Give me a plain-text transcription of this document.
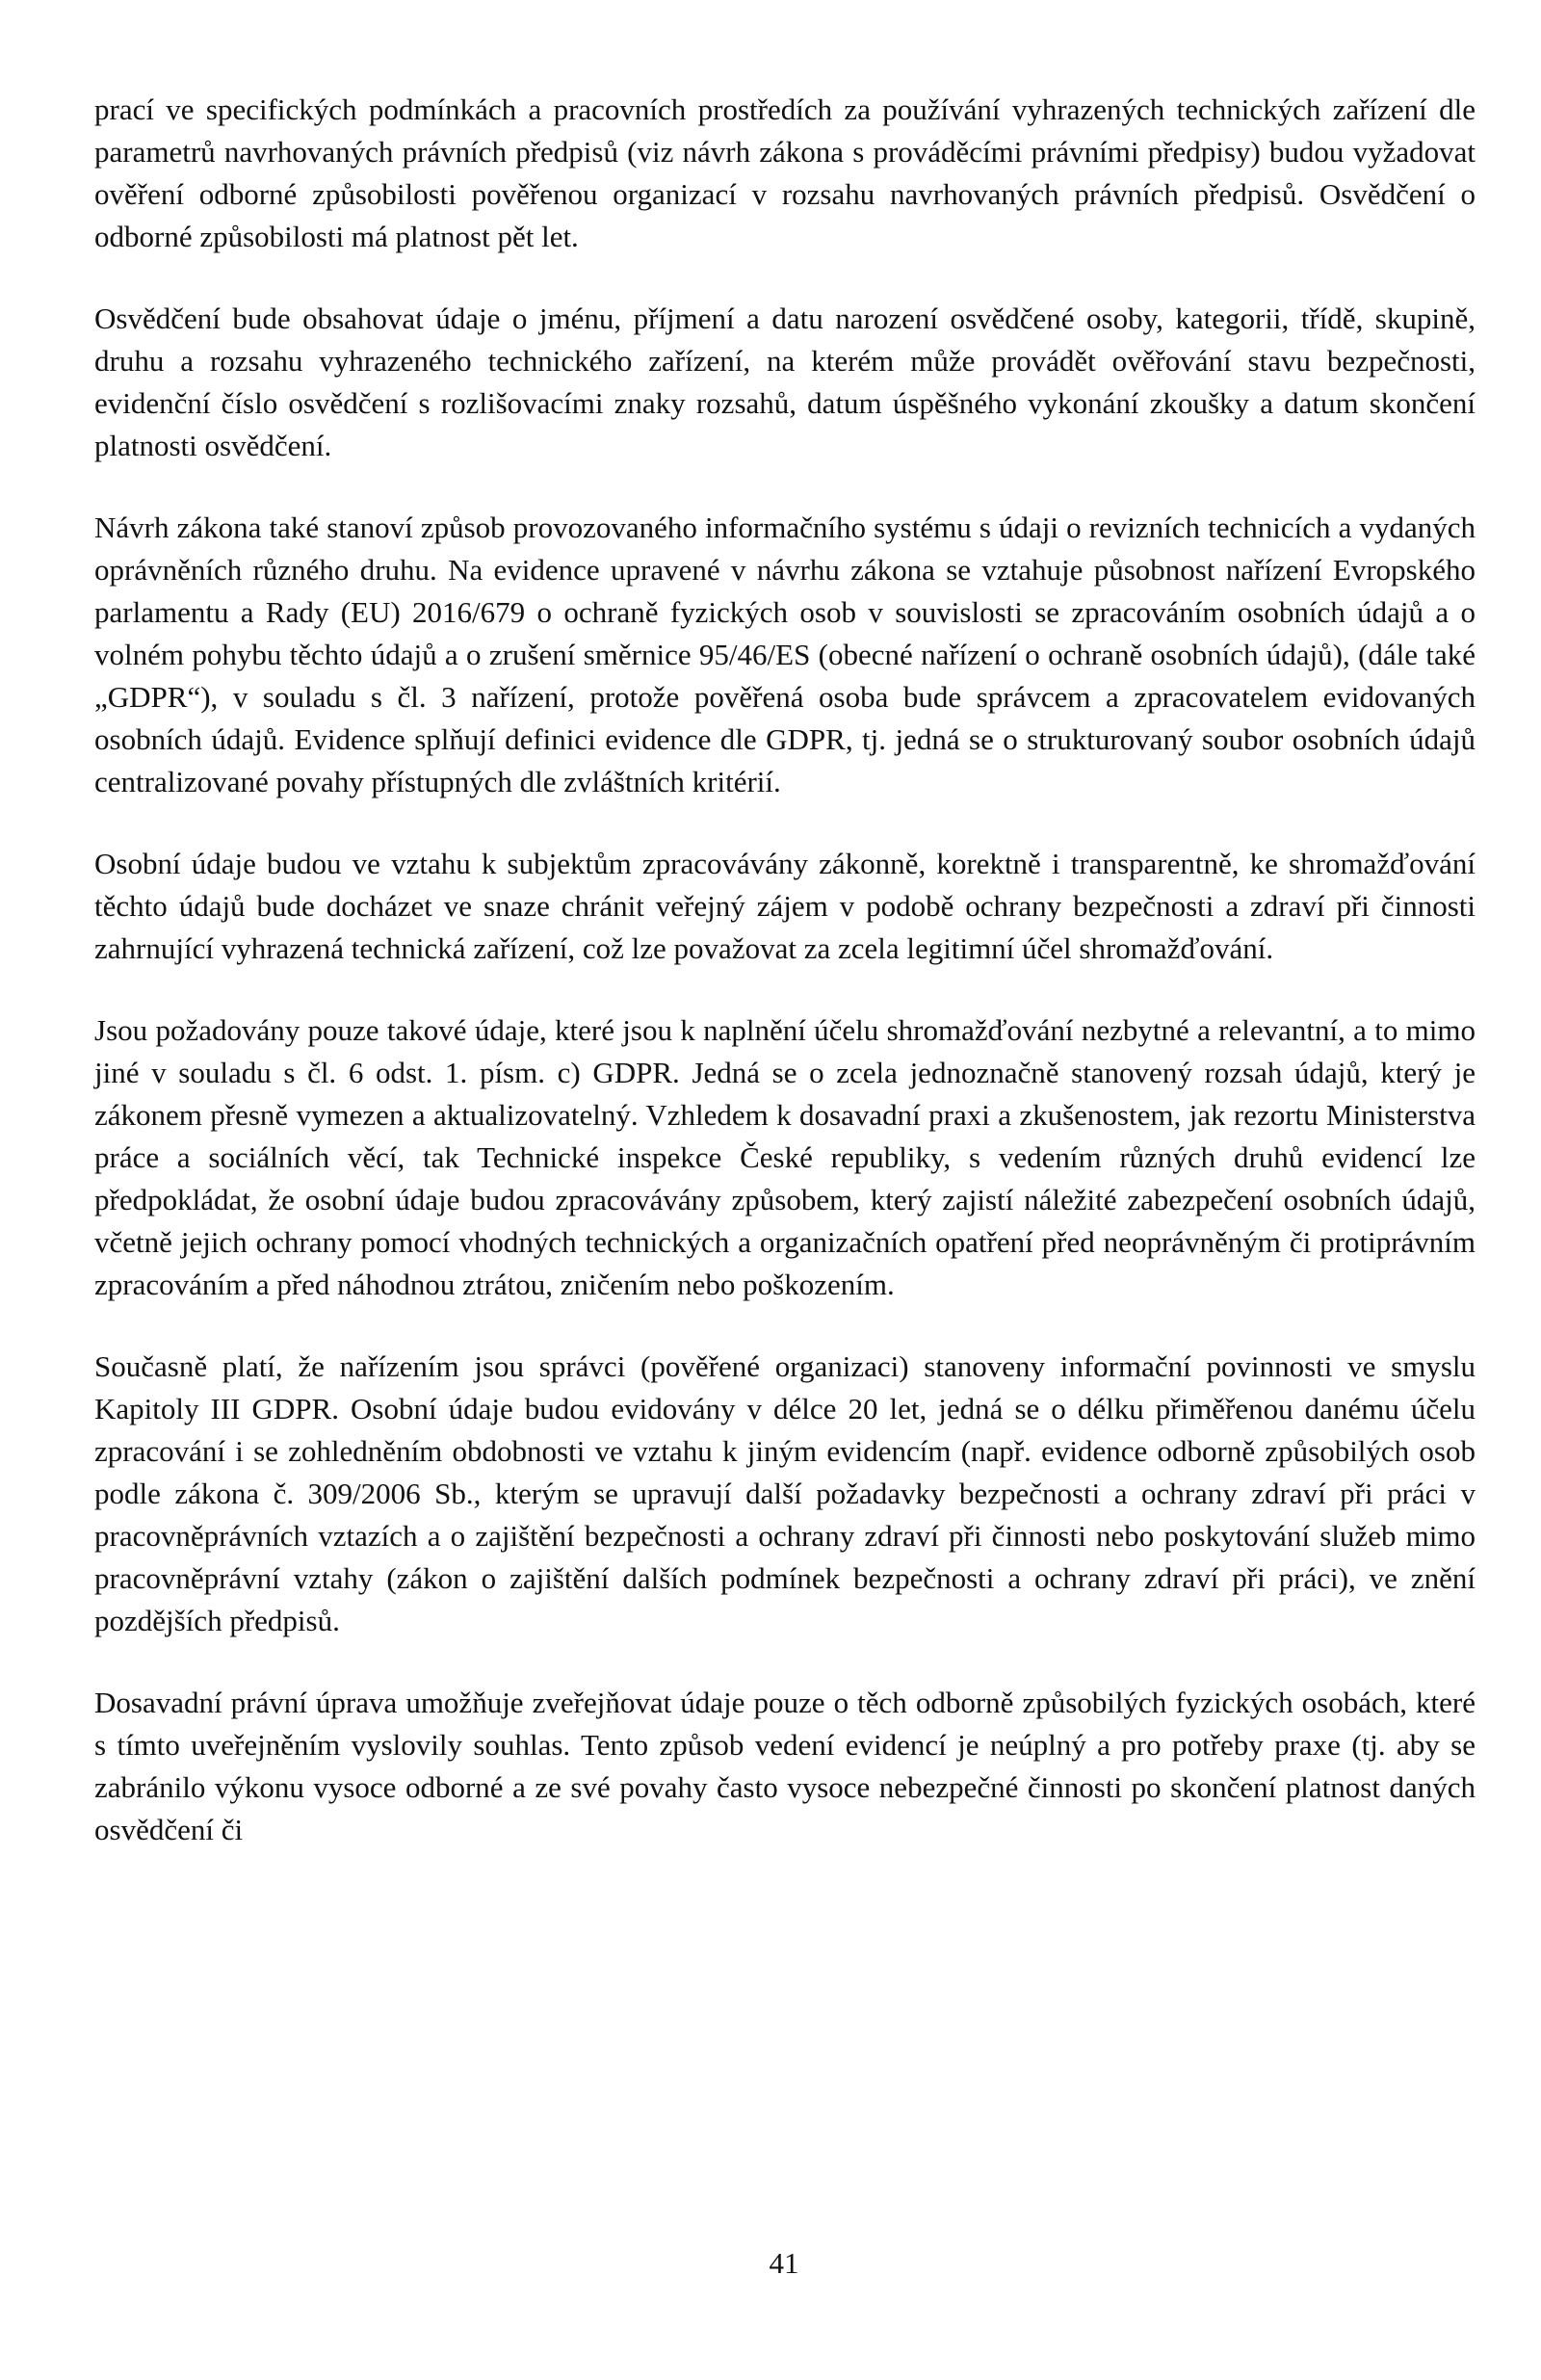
prací ve specifických podmínkách a pracovních prostředích za používání vyhrazených technických zařízení dle parametrů navrhovaných právních předpisů (viz návrh zákona s prováděcími právními předpisy) budou vyžadovat ověření odborné způsobilosti pověřenou organizací v rozsahu navrhovaných právních předpisů. Osvědčení o odborné způsobilosti má platnost pět let.

Osvědčení bude obsahovat údaje o jménu, příjmení a datu narození osvědčené osoby, kategorii, třídě, skupině, druhu a rozsahu vyhrazeného technického zařízení, na kterém může provádět ověřování stavu bezpečnosti, evidenční číslo osvědčení s rozlišovacími znaky rozsahů, datum úspěšného vykonání zkoušky a datum skončení platnosti osvědčení.

Návrh zákona také stanoví způsob provozovaného informačního systému s údaji o revizních technicích a vydaných oprávněních různého druhu. Na evidence upravené v návrhu zákona se vztahuje působnost nařízení Evropského parlamentu a Rady (EU) 2016/679 o ochraně fyzických osob v souvislosti se zpracováním osobních údajů a o volném pohybu těchto údajů a o zrušení směrnice 95/46/ES (obecné nařízení o ochraně osobních údajů), (dále také „GDPR“), v souladu s čl. 3 nařízení, protože pověřená osoba bude správcem a zpracovatelem evidovaných osobních údajů. Evidence splňují definici evidence dle GDPR, tj. jedná se o strukturovaný soubor osobních údajů centralizované povahy přístupných dle zvláštních kritérií.

Osobní údaje budou ve vztahu k subjektům zpracovávány zákonně, korektně i transparentně, ke shromažďování těchto údajů bude docházet ve snaze chránit veřejný zájem v podobě ochrany bezpečnosti a zdraví při činnosti zahrnující vyhrazená technická zařízení, což lze považovat za zcela legitimní účel shromažďování.

Jsou požadovány pouze takové údaje, které jsou k naplnění účelu shromažďování nezbytné a relevantní, a to mimo jiné v souladu s čl. 6 odst. 1. písm. c) GDPR. Jedná se o zcela jednoznačně stanovený rozsah údajů, který je zákonem přesně vymezen a aktualizovatelný. Vzhledem k dosavadní praxi a zkušenostem, jak rezortu Ministerstva práce a sociálních věcí, tak Technické inspekce České republiky, s vedením různých druhů evidencí lze předpokládat, že osobní údaje budou zpracovávány způsobem, který zajistí náležité zabezpečení osobních údajů, včetně jejich ochrany pomocí vhodných technických a organizačních opatření před neoprávněným či protiprávním zpracováním a před náhodnou ztrátou, zničením nebo poškozením.

Současně platí, že nařízením jsou správci (pověřené organizaci) stanoveny informační povinnosti ve smyslu Kapitoly III GDPR. Osobní údaje budou evidovány v délce 20 let, jedná se o délku přiměřenou danému účelu zpracování i se zohledněním obdobnosti ve vztahu k jiným evidencím (např. evidence odborně způsobilých osob podle zákona č. 309/2006 Sb., kterým se upravují další požadavky bezpečnosti a ochrany zdraví při práci v pracovněprávních vztazích a o zajištění bezpečnosti a ochrany zdraví při činnosti nebo poskytování služeb mimo pracovněprávní vztahy (zákon o zajištění dalších podmínek bezpečnosti a ochrany zdraví při práci), ve znění pozdějších předpisů.

Dosavadní právní úprava umožňuje zveřejňovat údaje pouze o těch odborně způsobilých fyzických osobách, které s tímto uveřejněním vyslovily souhlas. Tento způsob vedení evidencí je neúplný a pro potřeby praxe (tj. aby se zabránilo výkonu vysoce odborné a ze své povahy často vysoce nebezpečné činnosti po skončení platnost daných osvědčení či

41
